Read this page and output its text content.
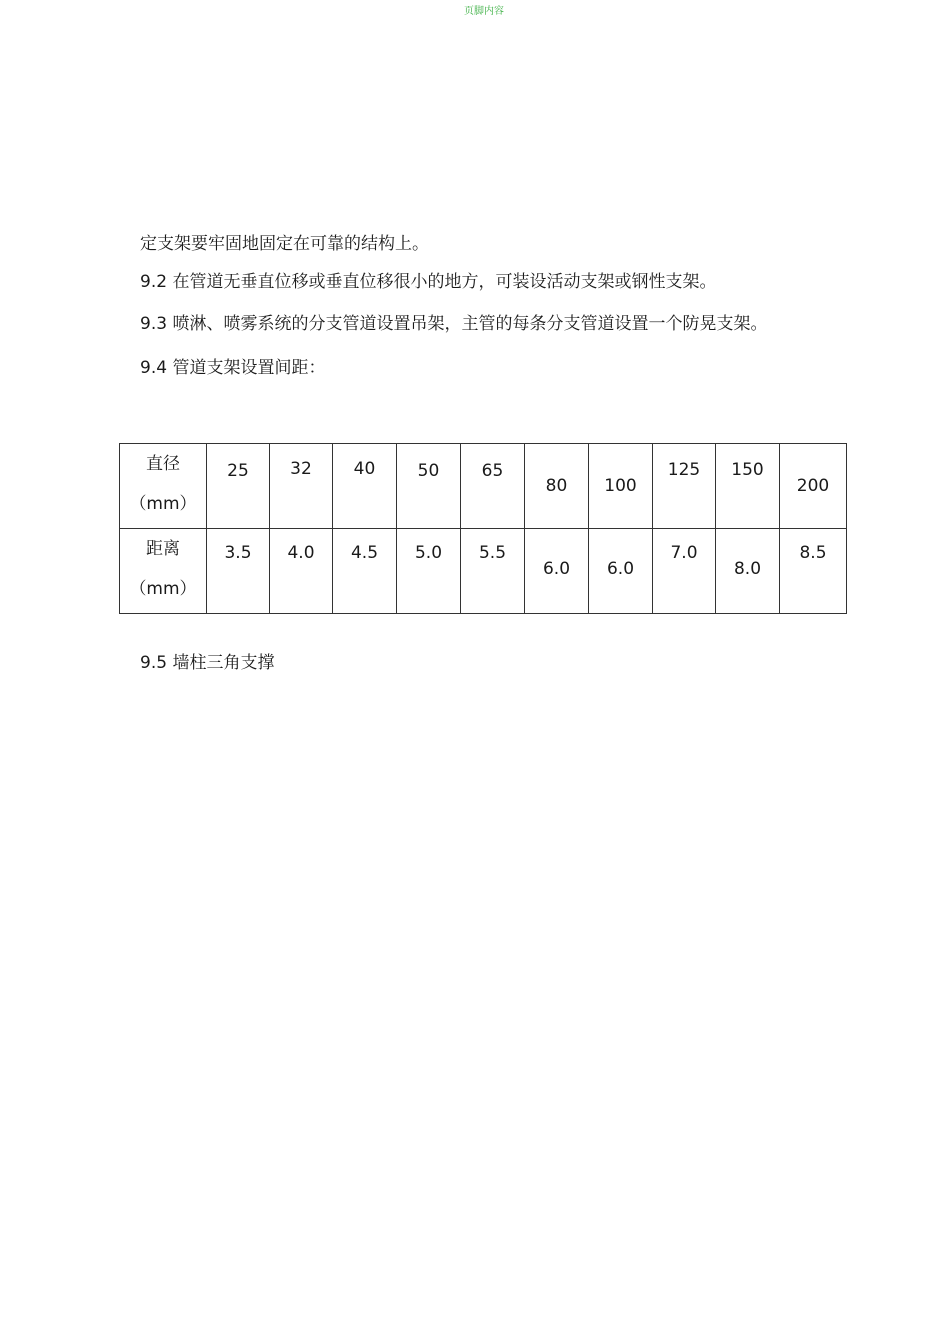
页脚内容
定支架要牢固地固定在可靠的结构上。
9.2 在管道无垂直位移或垂直位移很小的地方，可装设活动支架或钢性支架。
9.3 喷淋、喷雾系统的分支管道设置吊架，主管的每条分支管道设置一个防晃支架。
9.4 管道支架设置间距：
直径
（mm）	25	32	40	50	65	80	100	125	150	200

距离
（mm）	3.5	4.0	4.5	5.0	5.5	6.0	6.0	7.0	8.0	8.5
9.5 墙柱三角支撑
